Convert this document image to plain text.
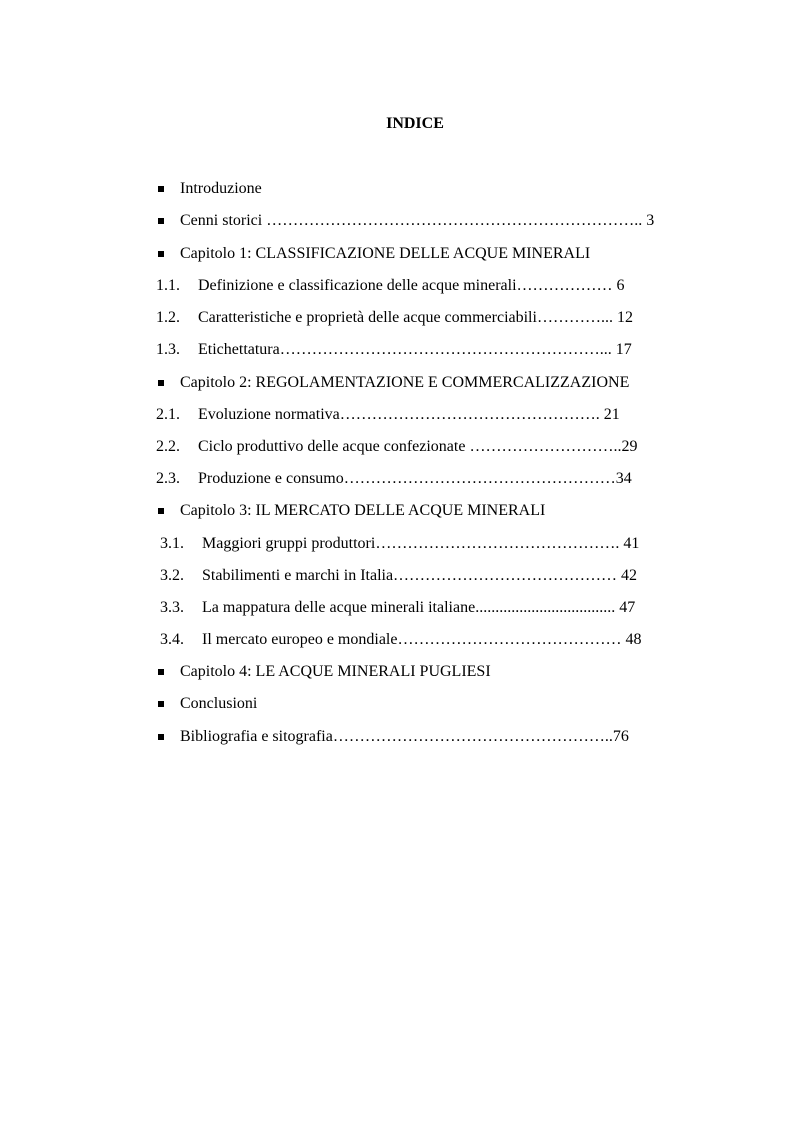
INDICE
Introduzione
Cenni storici …………………………………………………………….. 3
Capitolo 1: CLASSIFICAZIONE DELLE ACQUE MINERALI
1.1. Definizione e classificazione delle acque minerali……………… 6
1.2. Caratteristiche e proprietà delle acque commerciabili…………... 12
1.3. Etichettatura……………………………………………………... 17
Capitolo 2: REGOLAMENTAZIONE E COMMERCALIZZAZIONE
2.1. Evoluzione normativa…………………………………………. 21
2.2. Ciclo produttivo delle acque confezionate ………………………..29
2.3. Produzione e consumo……………………………………………34
Capitolo 3: IL MERCATO DELLE ACQUE MINERALI
3.1. Maggiori gruppi produttori………………………………………. 41
3.2. Stabilimenti e marchi in Italia…………………………………… 42
3.3. La mappatura delle acque minerali italiane................................... 47
3.4. Il mercato europeo e mondiale…………………………………… 48
Capitolo 4: LE ACQUE MINERALI PUGLIESI
Conclusioni
Bibliografia e sitografia……………………………………………..76
